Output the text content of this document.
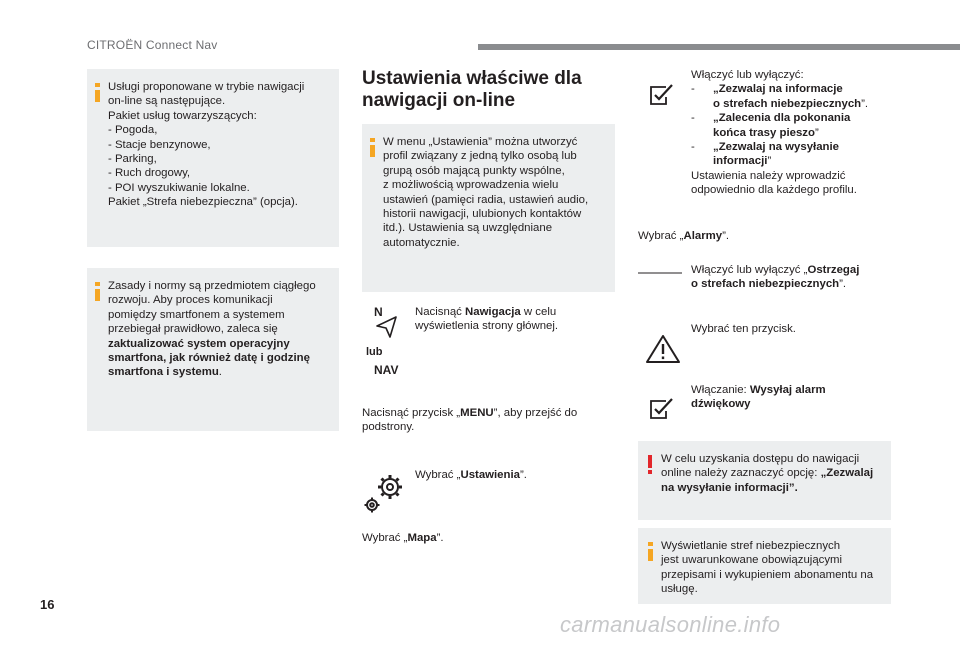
CITROËN Connect Nav
Usługi proponowane w trybie nawigacji
on-line są następujące.
Pakiet usług towarzyszących:
- Pogoda,
- Stacje benzynowe,
- Parking,
- Ruch drogowy,
- POI wyszukiwanie lokalne.
Pakiet „Strefa niebezpieczna” (opcja).
Zasady i normy są przedmiotem ciągłego
rozwoju. Aby proces komunikacji
pomiędzy smartfonem a systemem
przebiegał prawidłowo, zaleca się
zaktualizować system operacyjny
smartfona, jak również datę i godzinę
smartfona i systemu.
Ustawienia właściwe dla
nawigacji on-line
W menu „Ustawienia” można utworzyć
profil związany z jedną tylko osobą lub
grupą osób mającą punkty wspólne,
z możliwością wprowadzenia wielu
ustawień (pamięci radia, ustawień audio,
historii nawigacji, ulubionych kontaktów
itd.). Ustawienia są uwzględniane
automatycznie.
N
lub
NAV
Nacisnąć Nawigacja w celu
wyświetlenia strony głównej.
Nacisnąć przycisk „MENU”, aby przejść do
podstrony.
Wybrać „Ustawienia”.
Wybrać „Mapa”.
Włączyć lub wyłączyć:
-	„Zezwalaj na informacje
o strefach niebezpiecznych”.
-	„Zalecenia dla pokonania
końca trasy pieszo”
-	„Zezwalaj na wysyłanie
informacji”
Ustawienia należy wprowadzić
odpowiednio dla każdego profilu.
Wybrać „Alarmy”.
Włączyć lub wyłączyć „Ostrzegaj
o strefach niebezpiecznych”.
Wybrać ten przycisk.
Włączanie: Wysyłaj alarm
dźwiękowy
W celu uzyskania dostępu do nawigacji
online należy zaznaczyć opcję: „Zezwalaj
na wysyłanie informacji”.
Wyświetlanie stref niebezpiecznych
jest uwarunkowane obowiązującymi
przepisami i wykupieniem abonamentu na
usługę.
16
carmanualsonline.info
